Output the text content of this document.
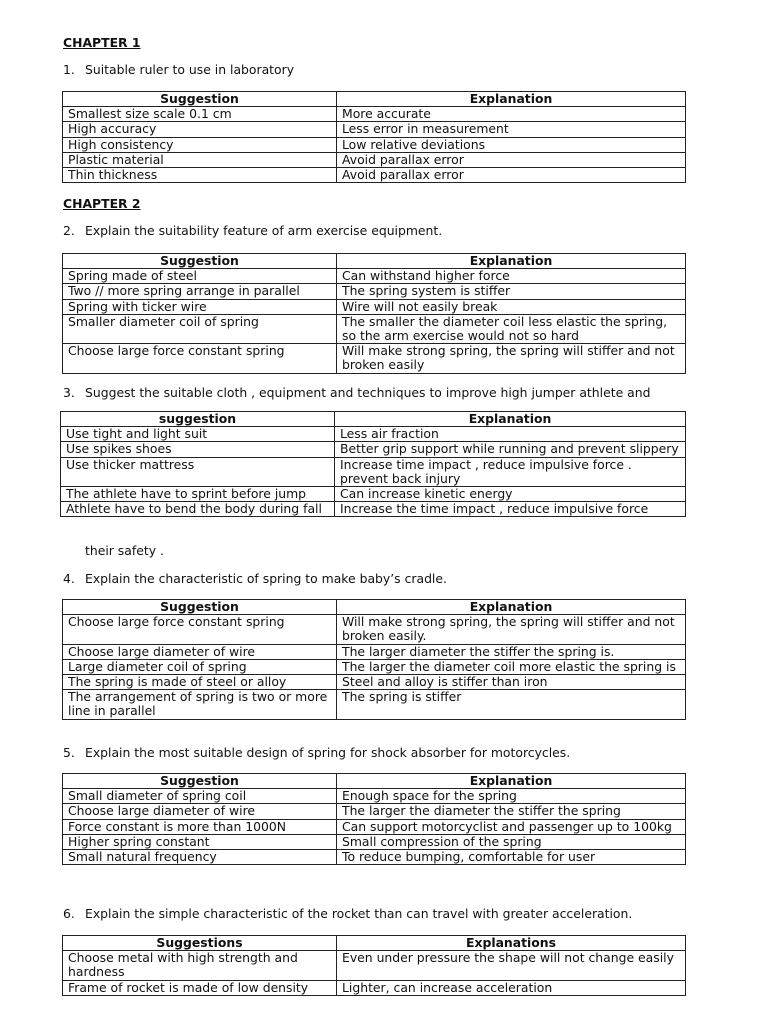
CHAPTER 1
1. Suitable ruler to use in laboratory
Suggestion	Explanation
Smallest size scale 0.1 cm	More accurate
High accuracy	Less error in measurement
High consistency	Low relative deviations
Plastic material	Avoid parallax error
Thin thickness	Avoid parallax error
CHAPTER 2
2. Explain the suitability feature of arm exercise equipment.
Suggestion	Explanation
Spring made of steel	Can withstand higher force
Two // more spring arrange in parallel	The spring system is stiffer
Spring with ticker wire	Wire will not easily break
Smaller diameter coil of spring	The smaller the diameter coil less elastic the spring, so the arm exercise would not so hard
Choose large force constant spring	Will make strong spring, the spring will stiffer and not broken easily
3. Suggest the suitable cloth , equipment and techniques to improve high jumper athlete and
suggestion	Explanation
Use tight and light suit	Less air fraction
Use spikes shoes	Better grip support while running and prevent slippery
Use thicker mattress	Increase time impact , reduce impulsive force . prevent back injury
The athlete have to sprint before jump	Can increase kinetic energy
Athlete have to bend the body during fall	Increase the time impact , reduce impulsive force
their safety .
4. Explain the characteristic of spring to make baby’s cradle.
Suggestion	Explanation
Choose large force constant spring	Will make strong spring, the spring will stiffer and not broken easily.
Choose large diameter of wire	The larger diameter the stiffer the spring is.
Large diameter coil of spring	The larger the diameter coil more elastic the spring is
The spring is made of steel or alloy	Steel and alloy is stiffer than iron
The arrangement of spring is two or more line in parallel	The spring is stiffer
5. Explain the most suitable design of spring for shock absorber for motorcycles.
Suggestion	Explanation
Small diameter of spring coil	Enough space for the spring
Choose large diameter of wire	The larger the diameter the stiffer the spring
Force constant is more than 1000N	Can support motorcyclist and passenger up to 100kg
Higher spring constant	Small compression of the spring
Small natural frequency	To reduce bumping, comfortable for user
6. Explain the simple characteristic of the rocket than can travel with greater acceleration.
Suggestions	Explanations
Choose metal with high strength and hardness	Even under pressure the shape will not change easily
Frame of rocket is made of low density	Lighter, can increase acceleration
